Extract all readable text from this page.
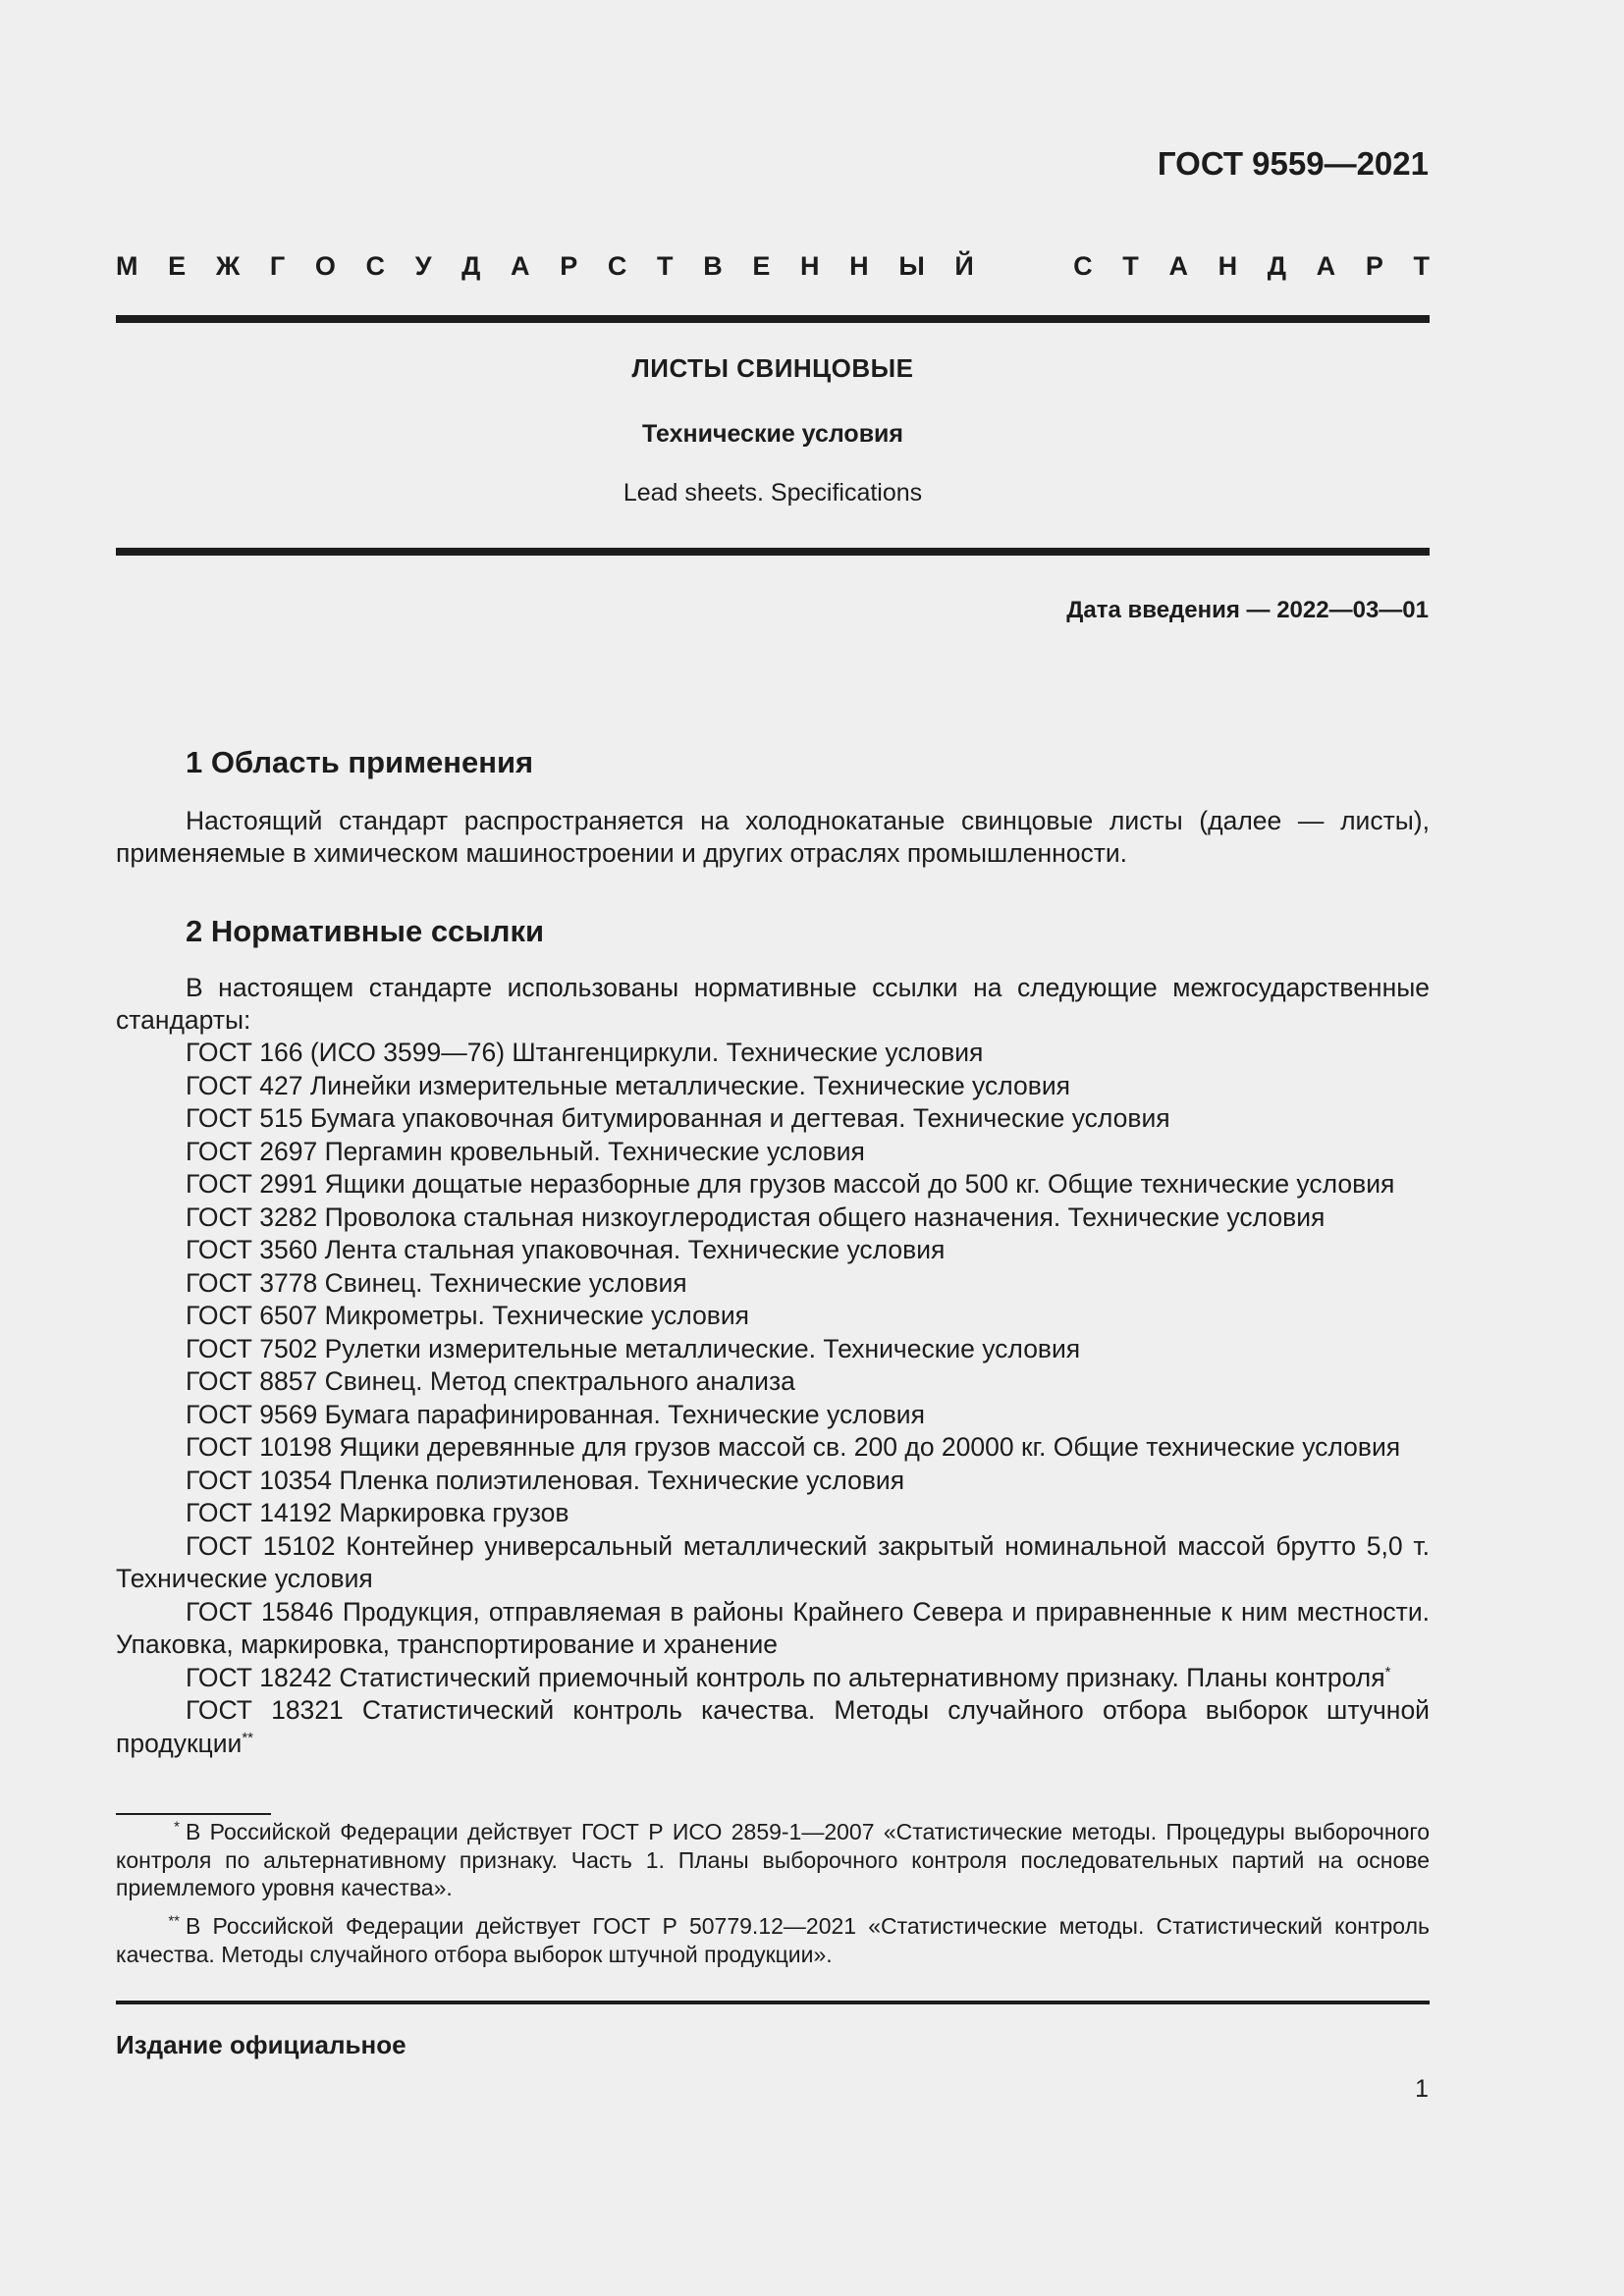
ГОСТ 9559—2021
М Е Ж Г О С У Д А Р С Т В Е Н Н Ы Й	С Т А Н Д А Р Т
ЛИСТЫ СВИНЦОВЫЕ
Технические условия
Lead sheets. Specifications
Дата введения — 2022—03—01
1 Область применения
Настоящий стандарт распространяется на холоднокатаные свинцовые листы (далее — листы), применяемые в химическом машиностроении и других отраслях промышленности.
2 Нормативные ссылки
В настоящем стандарте использованы нормативные ссылки на следующие межгосударственные стандарты:
ГОСТ 166 (ИСО 3599—76) Штангенциркули. Технические условия
ГОСТ 427 Линейки измерительные металлические. Технические условия
ГОСТ 515 Бумага упаковочная битумированная и дегтевая. Технические условия
ГОСТ 2697 Пергамин кровельный. Технические условия
ГОСТ 2991 Ящики дощатые неразборные для грузов массой до 500 кг. Общие технические условия
ГОСТ 3282 Проволока стальная низкоуглеродистая общего назначения. Технические условия
ГОСТ 3560 Лента стальная упаковочная. Технические условия
ГОСТ 3778 Свинец. Технические условия
ГОСТ 6507 Микрометры. Технические условия
ГОСТ 7502 Рулетки измерительные металлические. Технические условия
ГОСТ 8857 Свинец. Метод спектрального анализа
ГОСТ 9569 Бумага парафинированная. Технические условия
ГОСТ 10198 Ящики деревянные для грузов массой св. 200 до 20000 кг. Общие технические условия
ГОСТ 10354 Пленка полиэтиленовая. Технические условия
ГОСТ 14192 Маркировка грузов
ГОСТ 15102 Контейнер универсальный металлический закрытый номинальной массой брутто 5,0 т. Технические условия
ГОСТ 15846 Продукция, отправляемая в районы Крайнего Севера и приравненные к ним местности. Упаковка, маркировка, транспортирование и хранение
ГОСТ 18242 Статистический приемочный контроль по альтернативному признаку. Планы контроля*
ГОСТ 18321 Статистический контроль качества. Методы случайного отбора выборок штучной продукции**
* В Российской Федерации действует ГОСТ Р ИСО 2859-1—2007 «Статистические методы. Процедуры выборочного контроля по альтернативному признаку. Часть 1. Планы выборочного контроля последовательных партий на основе приемлемого уровня качества».
** В Российской Федерации действует ГОСТ Р 50779.12—2021 «Статистические методы. Статистический контроль качества. Методы случайного отбора выборок штучной продукции».
Издание официальное
1
